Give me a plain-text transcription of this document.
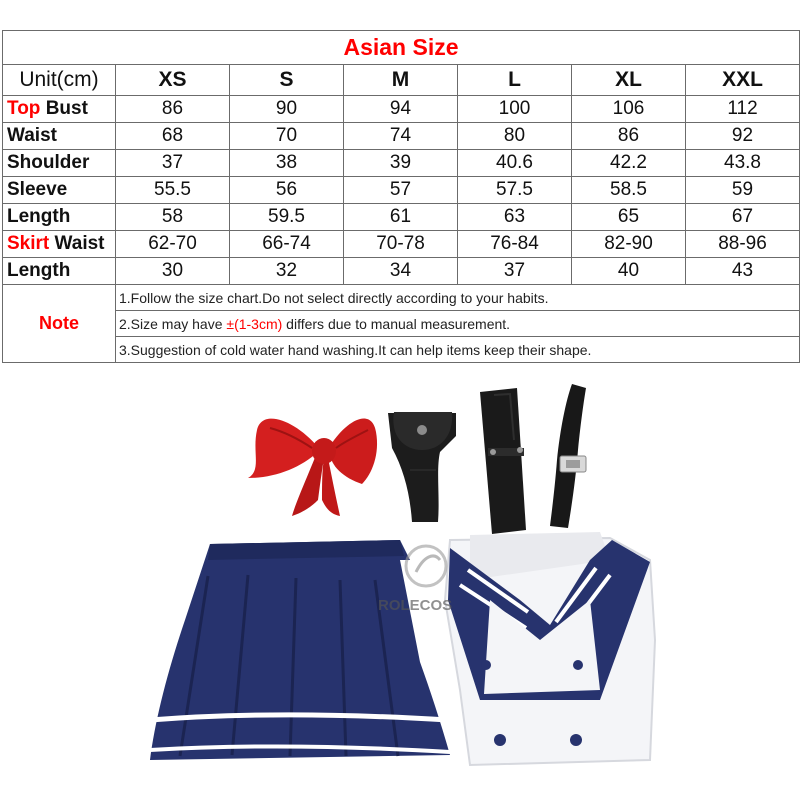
Asian Size						
Unit(cm)	XS	S	M	L	XL	XXL
Top Bust	86	90	94	100	106	112
Waist	68	70	74	80	86	92
Shoulder	37	38	39	40.6	42.2	43.8
Sleeve	55.5	56	57	57.5	58.5	59
Length	58	59.5	61	63	65	67
Skirt Waist	62-70	66-74	70-78	76-84	82-90	88-96
Length	30	32	34	37	40	43
Note	1.Follow the size chart.Do not select directly according to your habits.					
	2.Size may have ±(1-3cm) differs due to manual measurement.					
	3.Suggestion of cold water hand washing.It can help items keep their shape.					
ROLECOS
